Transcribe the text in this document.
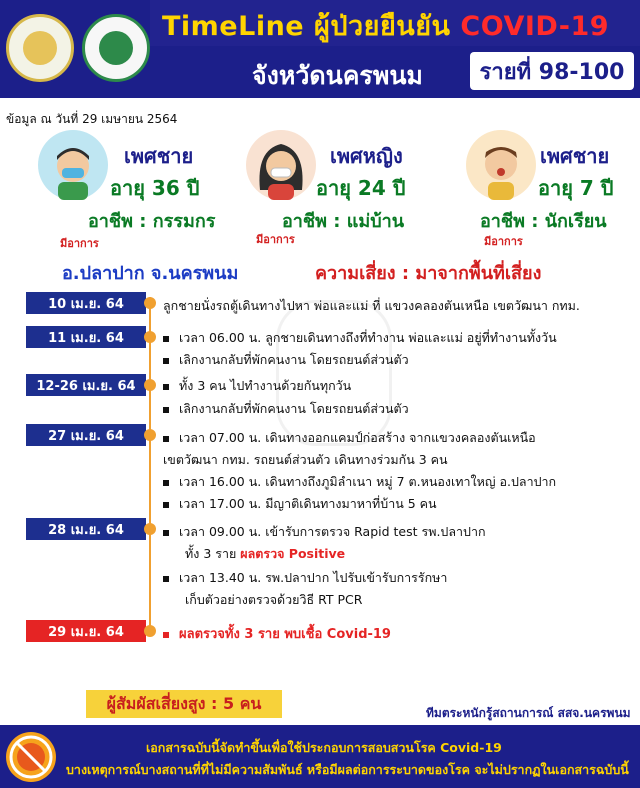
TimeLine ผู้ป่วยยืนยัน COVID-19
จังหวัดนครพนม	รายที่ 98-100
ข้อมูล ณ วันที่ 29 เมษายน 2564
เพศชาย
อายุ 36 ปี
อาชีพ : กรรมกร
มีอาการ
เพศหญิง
อายุ 24 ปี
อาชีพ : แม่บ้าน
มีอาการ
เพศชาย
อายุ 7 ปี
อาชีพ : นักเรียน
มีอาการ
อ.ปลาปาก จ.นครพนม	ความเสี่ยง : มาจากพื้นที่เสี่ยง
10 เม.ย. 64	ลูกชายนั่งรถตู้เดินทางไปหา พ่อและแม่ ที่ แขวงคลองตันเหนือ เขตวัฒนา กทม.
11 เม.ย. 64	เวลา 06.00 น. ลูกชายเดินทางถึงที่ทำงาน พ่อและแม่ อยู่ที่ทำงานทั้งวัน
เลิกงานกลับที่พักคนงาน โดยรถยนต์ส่วนตัว
12-26 เม.ย. 64	ทั้ง 3 คน ไปทำงานด้วยกันทุกวัน
เลิกงานกลับที่พักคนงาน โดยรถยนต์ส่วนตัว
27 เม.ย. 64	เวลา 07.00 น. เดินทางออกแคมป์ก่อสร้าง จากแขวงคลองตันเหนือ
เขตวัฒนา กทม. รถยนต์ส่วนตัว เดินทางร่วมกัน 3 คน
เวลา 16.00 น. เดินทางถึงภูมิลำเนา หมู่ 7 ต.หนองเทาใหญ่ อ.ปลาปาก
เวลา 17.00 น. มีญาติเดินทางมาหาที่บ้าน 5 คน
28 เม.ย. 64	เวลา 09.00 น. เข้ารับการตรวจ Rapid test รพ.ปลาปาก
ทั้ง 3 ราย ผลตรวจ Positive
เวลา 13.40 น. รพ.ปลาปาก ไปรับเข้ารับการรักษา
เก็บตัวอย่างตรวจด้วยวิธี RT PCR
29 เม.ย. 64	ผลตรวจทั้ง 3 ราย พบเชื้อ Covid-19
ผู้สัมผัสเสี่ยงสูง : 5 คน
ทีมตระหนักรู้สถานการณ์ สสจ.นครพนม
เอกสารฉบับนี้จัดทำขึ้นเพื่อใช้ประกอบการสอบสวนโรค Covid-19
บางเหตุการณ์บางสถานที่ที่ไม่มีความสัมพันธ์ หรือมีผลต่อการระบาดของโรค จะไม่ปรากฏในเอกสารฉบับนี้
